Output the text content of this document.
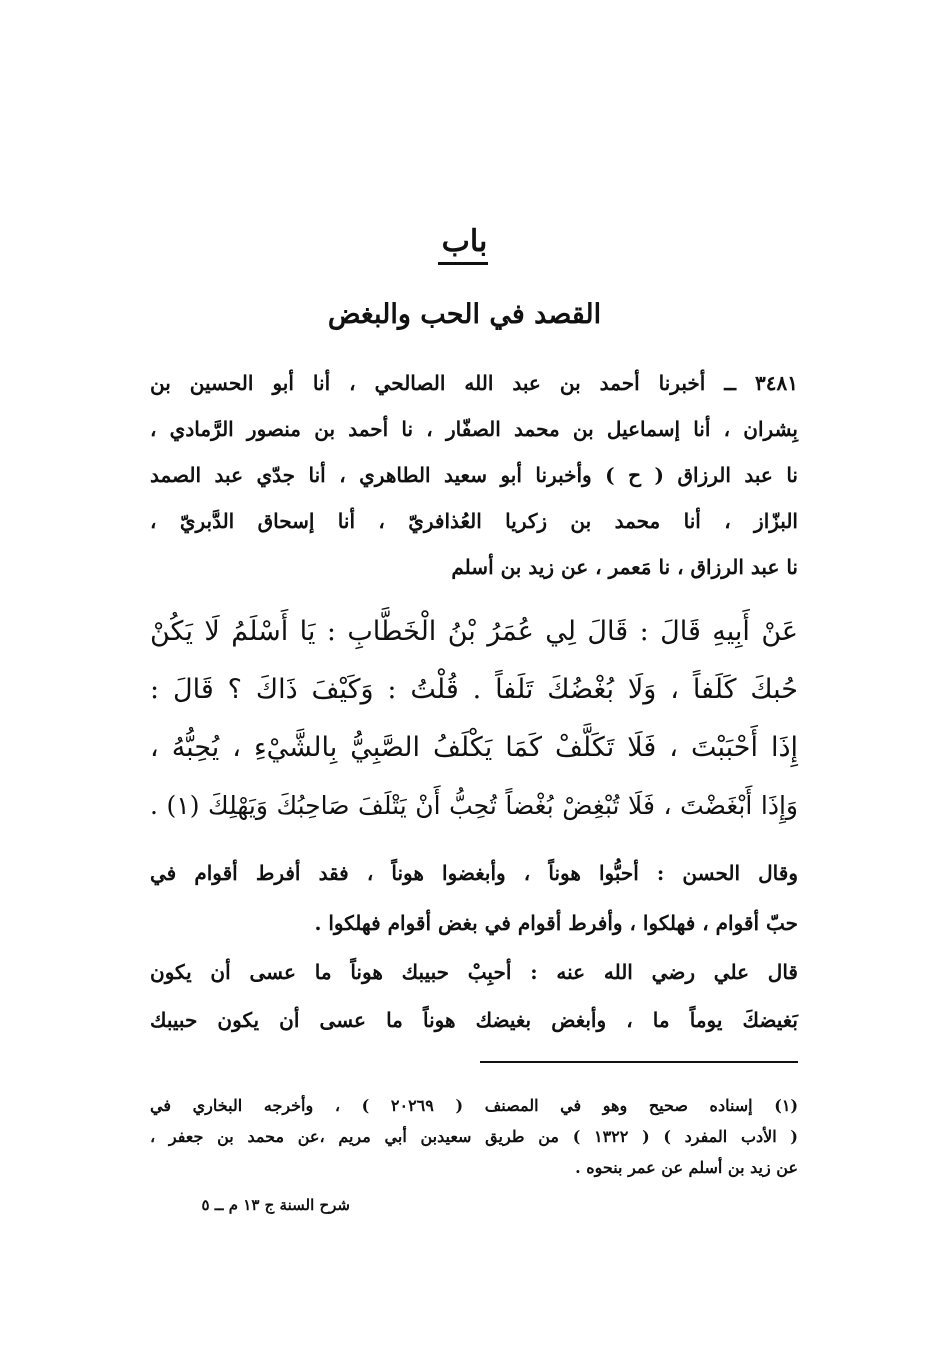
باب
القصد في الحب والبغض
٣٤٨١ ــ أخبرنا أحمد بن عبد الله الصالحي ، أنا أبو الحسين بن
بِشران ، أنا إسماعيل بن محمد الصفّار ، نا أحمد بن منصور الرَّمادي ،
نا عبد الرزاق ( ح ) وأخبرنا أبو سعيد الطاهري ، أنا جدّي عبد الصمد
البزّاز ، أنا محمد بن زكريا العُذافريّ ، أنا إسحاق الدَّبريّ ،
نا عبد الرزاق ، نا مَعمر ، عن زيد بن أسلم
عَنْ أَبِيهِ قَالَ : قَالَ لِي عُمَرُ بْنُ الْخَطَّابِ : يَا أَسْلَمُ لَا يَكُنْ
حُبكَ كَلَفاً ، وَلَا بُغْضُكَ تَلَفاً . قُلْتُ : وَكَيْفَ ذَاكَ ؟ قَالَ :
إِذَا أَحْبَبْتَ ، فَلَا تَكَلَّفْ كَمَا يَكْلَفُ الصَّبِيُّ بِالشَّيْءِ ، يُحِبُّهُ ،
وَإِذَا أَبْغَضْتَ ، فَلَا تُبْغِضْ بُغْضاً تُحِبُّ أَنْ يَتْلَفَ صَاحِبُكَ وَيَهْلِكَ (١) .
وقال الحسن : أحبُّوا هوناً ، وأبغضوا هوناً ، فقد أفرط أقوام في
حبّ أقوام ، فهلكوا ، وأفرط أقوام في بغض أقوام فهلكوا .
قال علي رضي الله عنه : أحبِبْ حبيبك هوناً ما عسى أن يكون
بَغيضكَ يوماً ما ، وأبغض بغيضك هوناً ما عسى أن يكون حبيبك
(١) إسناده صحيح وهو في المصنف ( ٢٠٢٦٩ ) ، وأخرجه البخاري في
( الأدب المفرد ) ( ١٣٢٢ ) من طريق سعيدبن أبي مريم ،عن محمد بن جعفر ،
عن زيد بن أسلم عن عمر بنحوه .
شرح السنة ج ١٣ م ــ ٥
